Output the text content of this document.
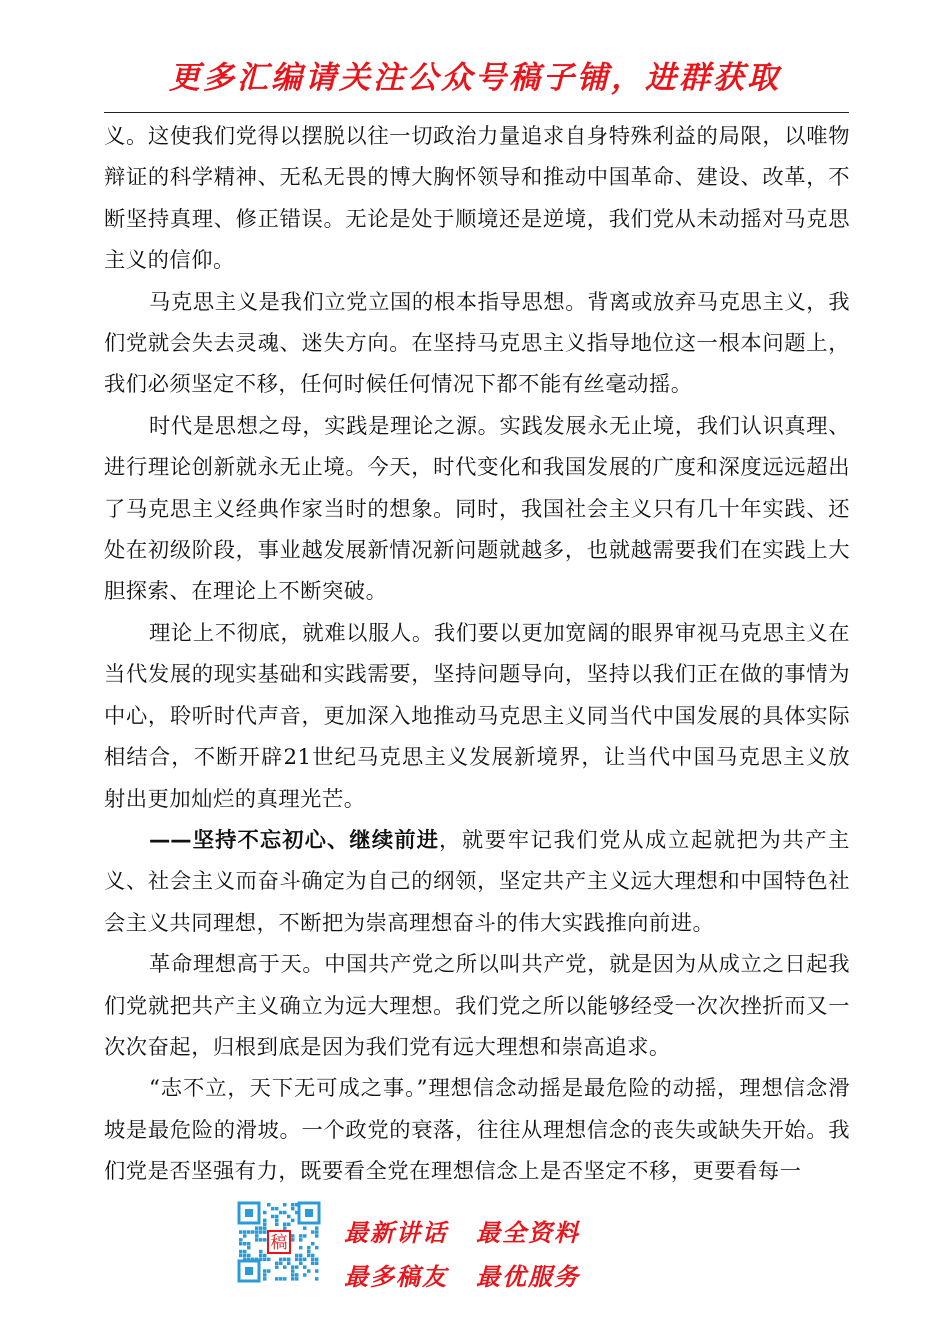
更多汇编请关注公众号稿子铺，进群获取

义。这使我们党得以摆脱以往一切政治力量追求自身特殊利益的局限，以唯物辩证的科学精神、无私无畏的博大胸怀领导和推动中国革命、建设、改革，不断坚持真理、修正错误。无论是处于顺境还是逆境，我们党从未动摇对马克思主义的信仰。

马克思主义是我们立党立国的根本指导思想。背离或放弃马克思主义，我们党就会失去灵魂、迷失方向。在坚持马克思主义指导地位这一根本问题上，我们必须坚定不移，任何时候任何情况下都不能有丝毫动摇。

时代是思想之母，实践是理论之源。实践发展永无止境，我们认识真理、进行理论创新就永无止境。今天，时代变化和我国发展的广度和深度远远超出了马克思主义经典作家当时的想象。同时，我国社会主义只有几十年实践、还处在初级阶段，事业越发展新情况新问题就越多，也就越需要我们在实践上大胆探索、在理论上不断突破。

理论上不彻底，就难以服人。我们要以更加宽阔的眼界审视马克思主义在当代发展的现实基础和实践需要，坚持问题导向，坚持以我们正在做的事情为中心，聆听时代声音，更加深入地推动马克思主义同当代中国发展的具体实际相结合，不断开辟21世纪马克思主义发展新境界，让当代中国马克思主义放射出更加灿烂的真理光芒。

——坚持不忘初心、继续前进，就要牢记我们党从成立起就把为共产主义、社会主义而奋斗确定为自己的纲领，坚定共产主义远大理想和中国特色社会主义共同理想，不断把为崇高理想奋斗的伟大实践推向前进。

革命理想高于天。中国共产党之所以叫共产党，就是因为从成立之日起我们党就把共产主义确立为远大理想。我们党之所以能够经受一次次挫折而又一次次奋起，归根到底是因为我们党有远大理想和崇高追求。

“志不立，天下无可成之事。”理想信念动摇是最危险的动摇，理想信念滑坡是最危险的滑坡。一个政党的衰落，往往从理想信念的丧失或缺失开始。我们党是否坚强有力，既要看全党在理想信念上是否坚定不移，更要看每一

稿 最新讲话 最全资料
最多稿友 最优服务
